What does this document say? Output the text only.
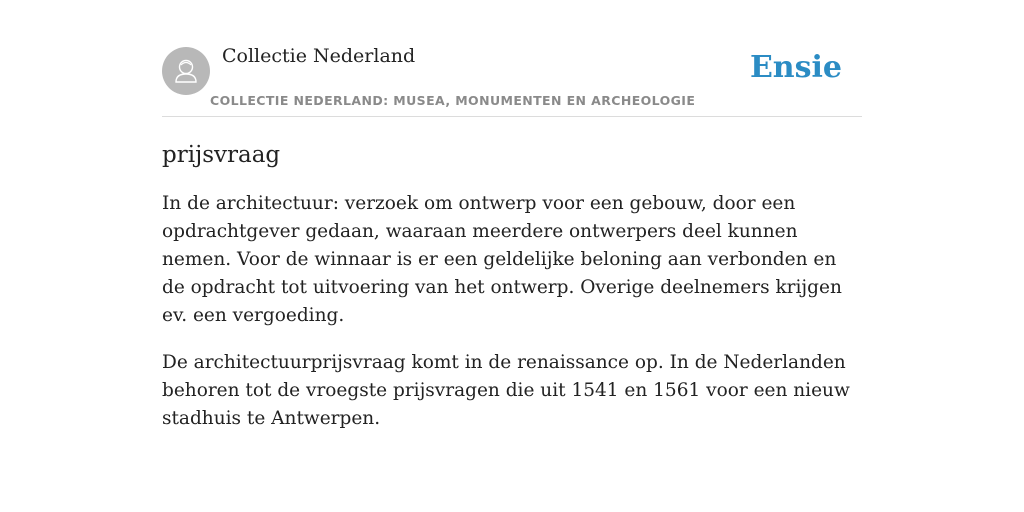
Collectie Nederland
COLLECTIE NEDERLAND: MUSEA, MONUMENTEN EN ARCHEOLOGIE
Ensie
prijsvraag

In de architectuur: verzoek om ontwerp voor een gebouw, door een opdrachtgever gedaan, waaraan meerdere ontwerpers deel kunnen nemen. Voor de winnaar is er een geldelijke beloning aan verbonden en de opdracht tot uitvoering van het ontwerp. Overige deelnemers krijgen ev. een vergoeding.

De architectuurprijsvraag komt in de renaissance op. In de Nederlanden behoren tot de vroegste prijsvragen die uit 1541 en 1561 voor een nieuw stadhuis te Antwerpen.
